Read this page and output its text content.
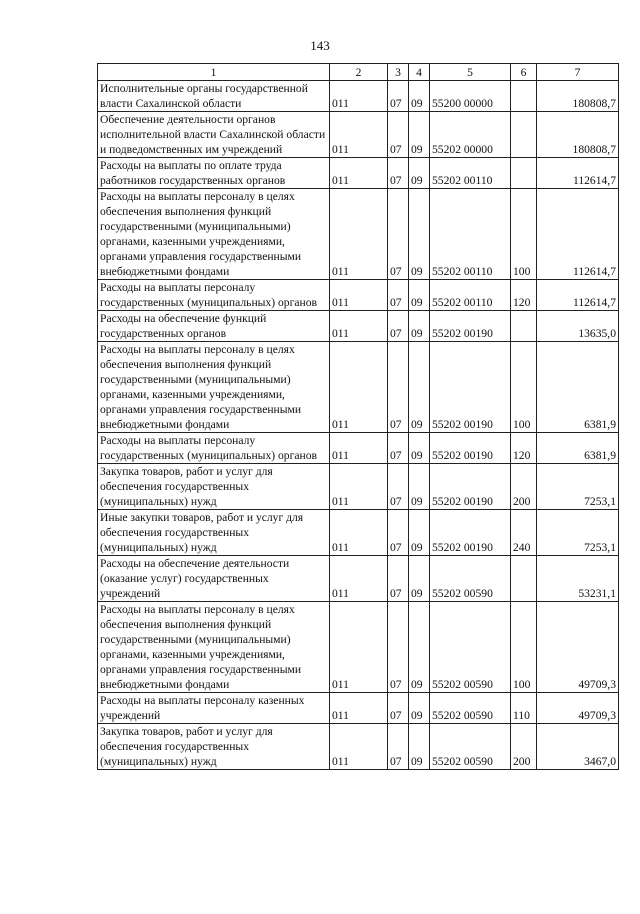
143
1	2	3	4	5	6	7
Исполнительные органы государственной власти Сахалинской области	011	07	09	55200 00000		180808,7
Обеспечение деятельности органов исполнительной власти Сахалинской области и подведомственных им учреждений	011	07	09	55202 00000		180808,7
Расходы на выплаты по оплате труда работников государственных органов	011	07	09	55202 00110		112614,7
Расходы на выплаты персоналу в целях обеспечения выполнения функций государственными (муниципальными) органами, казенными учреждениями, органами управления государственными внебюджетными фондами	011	07	09	55202 00110	100	112614,7
Расходы на выплаты персоналу государственных (муниципальных) органов	011	07	09	55202 00110	120	112614,7
Расходы на обеспечение функций государственных органов	011	07	09	55202 00190		13635,0
Расходы на выплаты персоналу в целях обеспечения выполнения функций государственными (муниципальными) органами, казенными учреждениями, органами управления государственными внебюджетными фондами	011	07	09	55202 00190	100	6381,9
Расходы на выплаты персоналу государственных (муниципальных) органов	011	07	09	55202 00190	120	6381,9
Закупка товаров, работ и услуг для обеспечения государственных (муниципальных) нужд	011	07	09	55202 00190	200	7253,1
Иные закупки товаров, работ и услуг для обеспечения государственных (муниципальных) нужд	011	07	09	55202 00190	240	7253,1
Расходы на обеспечение деятельности (оказание услуг) государственных учреждений	011	07	09	55202 00590		53231,1
Расходы на выплаты персоналу в целях обеспечения выполнения функций государственными (муниципальными) органами, казенными учреждениями, органами управления государственными внебюджетными фондами	011	07	09	55202 00590	100	49709,3
Расходы на выплаты персоналу казенных учреждений	011	07	09	55202 00590	110	49709,3
Закупка товаров, работ и услуг для обеспечения государственных (муниципальных) нужд	011	07	09	55202 00590	200	3467,0
